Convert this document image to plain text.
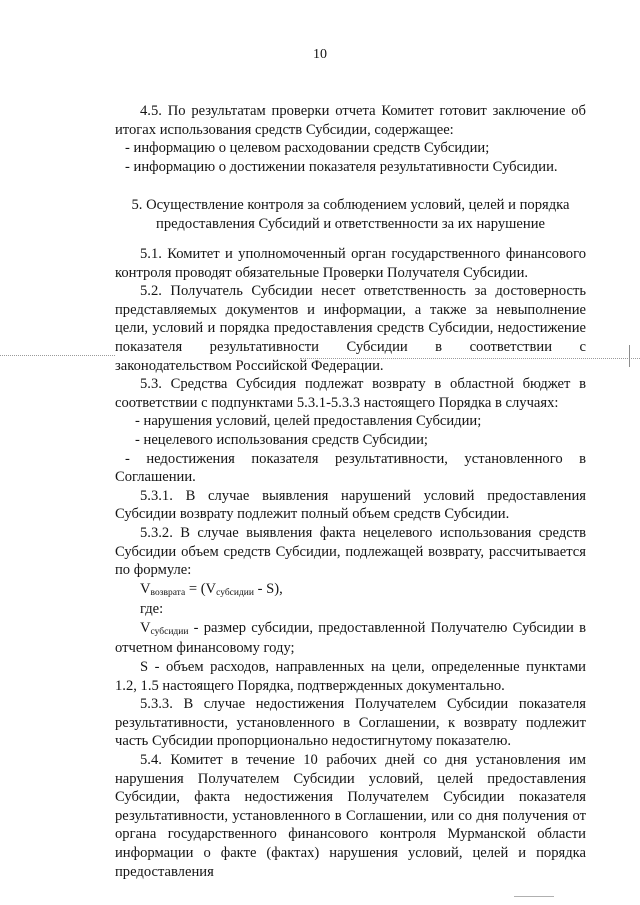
10

4.5. По результатам проверки отчета Комитет готовит заключение об итогах использования средств Субсидии, содержащее:

- информацию о целевом расходовании средств Субсидии;

- информацию о достижении показателя результативности Субсидии.

5. Осуществление контроля за соблюдением условий, целей и порядка

предоставления Субсидий и ответственности за их нарушение

5.1. Комитет и уполномоченный орган государственного финансового контроля проводят обязательные Проверки Получателя Субсидии.

5.2. Получатель Субсидии несет ответственность за достоверность представляемых документов и информации, а также за невыполнение цели, условий и порядка предоставления средств Субсидии, недостижение показателя результативности Субсидии в соответствии с законодательством Российской Федерации.

5.3. Средства Субсидия подлежат возврату в областной бюджет в соответствии с подпунктами 5.3.1-5.3.3 настоящего Порядка в случаях:

- нарушения условий, целей предоставления Субсидии;

- нецелевого использования средств Субсидии;

- недостижения показателя результативности, установленного в Соглашении.

5.3.1. В случае выявления нарушений условий предоставления Субсидии возврату подлежит полный объем средств Субсидии.

5.3.2. В случае выявления факта нецелевого использования средств Субсидии объем средств Субсидии, подлежащей возврату, рассчитывается по формуле:

Vвозврата = (Vсубсидии - S),

где:

Vсубсидии - размер субсидии, предоставленной Получателю Субсидии в отчетном финансовому году;

S - объем расходов, направленных на цели, определенные пунктами 1.2, 1.5 настоящего Порядка, подтвержденных документально.

5.3.3. В случае недостижения Получателем Субсидии показателя результативности, установленного в Соглашении, к возврату подлежит часть Субсидии пропорционально недостигнутому показателю.

5.4. Комитет в течение 10 рабочих дней со дня установления им нарушения Получателем Субсидии условий, целей предоставления Субсидии, факта недостижения Получателем Субсидии показателя результативности, установленного в Соглашении, или со дня получения от органа государственного финансового контроля Мурманской области информации о факте (фактах) нарушения условий, целей и порядка предоставления
